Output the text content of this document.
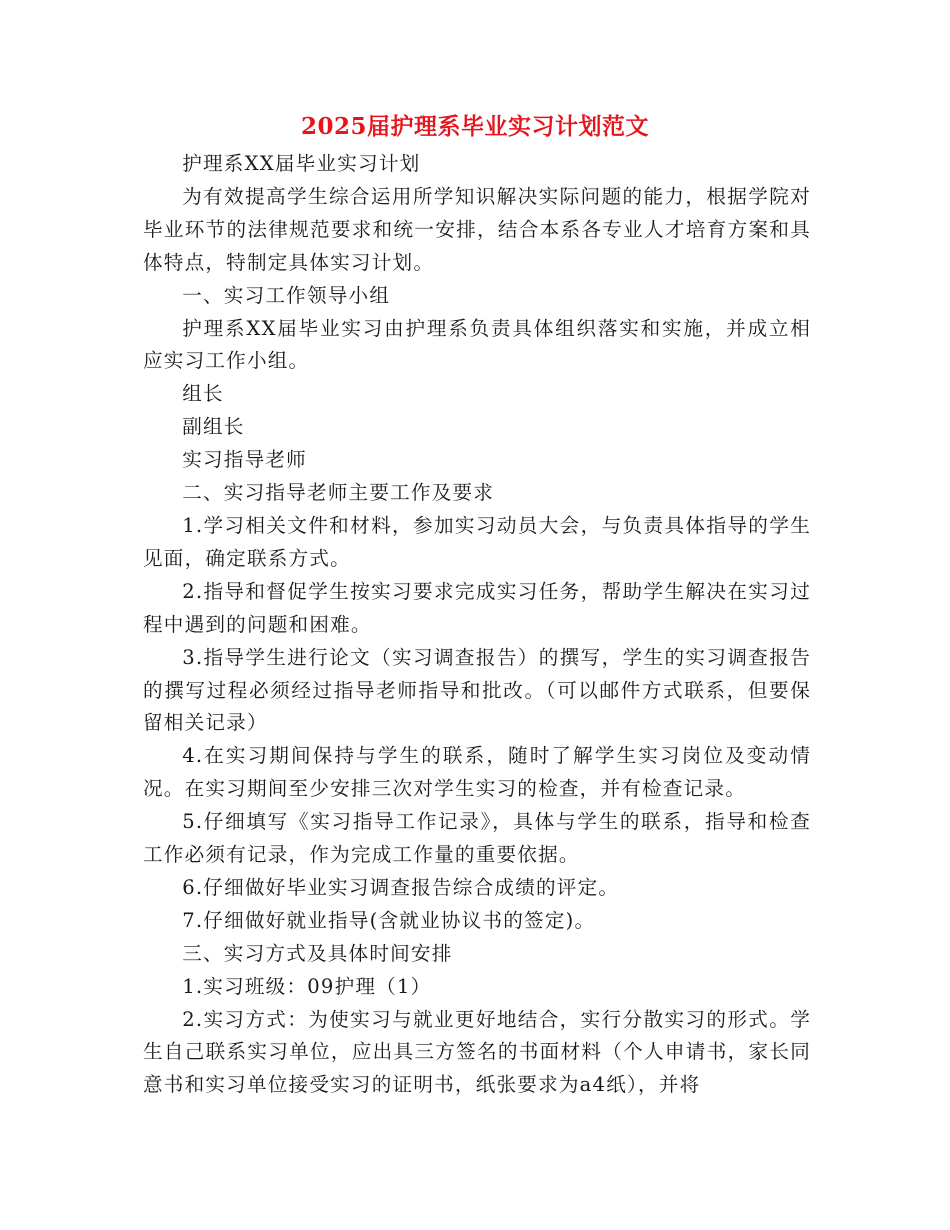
2025届护理系毕业实习计划范文

护理系XX届毕业实习计划

为有效提高学生综合运用所学知识解决实际问题的能力，根据学院对毕业环节的法律规范要求和统一安排，结合本系各专业人才培育方案和具体特点，特制定具体实习计划。

一、实习工作领导小组

护理系XX届毕业实习由护理系负责具体组织落实和实施，并成立相应实习工作小组。

组长

副组长

实习指导老师

二、实习指导老师主要工作及要求

1.学习相关文件和材料，参加实习动员大会，与负责具体指导的学生见面，确定联系方式。

2.指导和督促学生按实习要求完成实习任务，帮助学生解决在实习过程中遇到的问题和困难。

3.指导学生进行论文（实习调查报告）的撰写，学生的实习调查报告的撰写过程必须经过指导老师指导和批改。（可以邮件方式联系，但要保留相关记录）

4.在实习期间保持与学生的联系，随时了解学生实习岗位及变动情况。在实习期间至少安排三次对学生实习的检查，并有检查记录。

5.仔细填写《实习指导工作记录》，具体与学生的联系，指导和检查工作必须有记录，作为完成工作量的重要依据。

6.仔细做好毕业实习调查报告综合成绩的评定。

7.仔细做好就业指导(含就业协议书的签定)。

三、实习方式及具体时间安排

1.实习班级：09护理（1）

2.实习方式：为使实习与就业更好地结合，实行分散实习的形式。学生自己联系实习单位，应出具三方签名的书面材料（个人申请书，家长同意书和实习单位接受实习的证明书，纸张要求为a4纸），并将
